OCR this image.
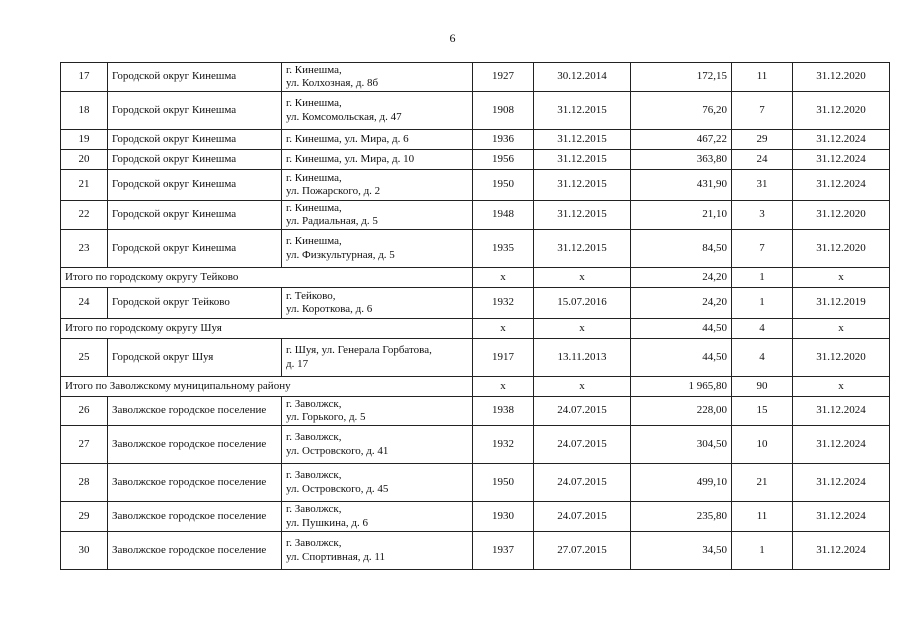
6
17	Городской округ Кинешма	г. Кинешма,
ул. Колхозная, д. 8б	1927	30.12.2014	172,15	11	31.12.2020
18	Городской округ Кинешма	г. Кинешма,
ул. Комсомольская, д. 47	1908	31.12.2015	76,20	7	31.12.2020
19	Городской округ Кинешма	г. Кинешма, ул. Мира, д. 6	1936	31.12.2015	467,22	29	31.12.2024
20	Городской округ Кинешма	г. Кинешма, ул. Мира, д. 10	1956	31.12.2015	363,80	24	31.12.2024
21	Городской округ Кинешма	г. Кинешма,
ул. Пожарского, д. 2	1950	31.12.2015	431,90	31	31.12.2024
22	Городской округ Кинешма	г. Кинешма,
ул. Радиальная, д. 5	1948	31.12.2015	21,10	3	31.12.2020
23	Городской округ Кинешма	г. Кинешма,
ул. Физкультурная, д. 5	1935	31.12.2015	84,50	7	31.12.2020
Итого по городскому округу Тейково			х	х	24,20	1	х
24	Городской округ Тейково	г. Тейково,
ул. Короткова, д. 6	1932	15.07.2016	24,20	1	31.12.2019
Итого по городскому округу Шуя			х	х	44,50	4	х
25	Городской округ Шуя	г. Шуя, ул. Генерала Горбатова,
д. 17	1917	13.11.2013	44,50	4	31.12.2020
Итого по Заволжскому муниципальному району			х	х	1 965,80	90	х
26	Заволжское городское поселение	г. Заволжск,
ул. Горького, д. 5	1938	24.07.2015	228,00	15	31.12.2024
27	Заволжское городское поселение	г. Заволжск,
ул. Островского, д. 41	1932	24.07.2015	304,50	10	31.12.2024
28	Заволжское городское поселение	г. Заволжск,
ул. Островского, д. 45	1950	24.07.2015	499,10	21	31.12.2024
29	Заволжское городское поселение	г. Заволжск,
ул. Пушкина, д. 6	1930	24.07.2015	235,80	11	31.12.2024
30	Заволжское городское поселение	г. Заволжск,
ул. Спортивная, д. 11	1937	27.07.2015	34,50	1	31.12.2024
